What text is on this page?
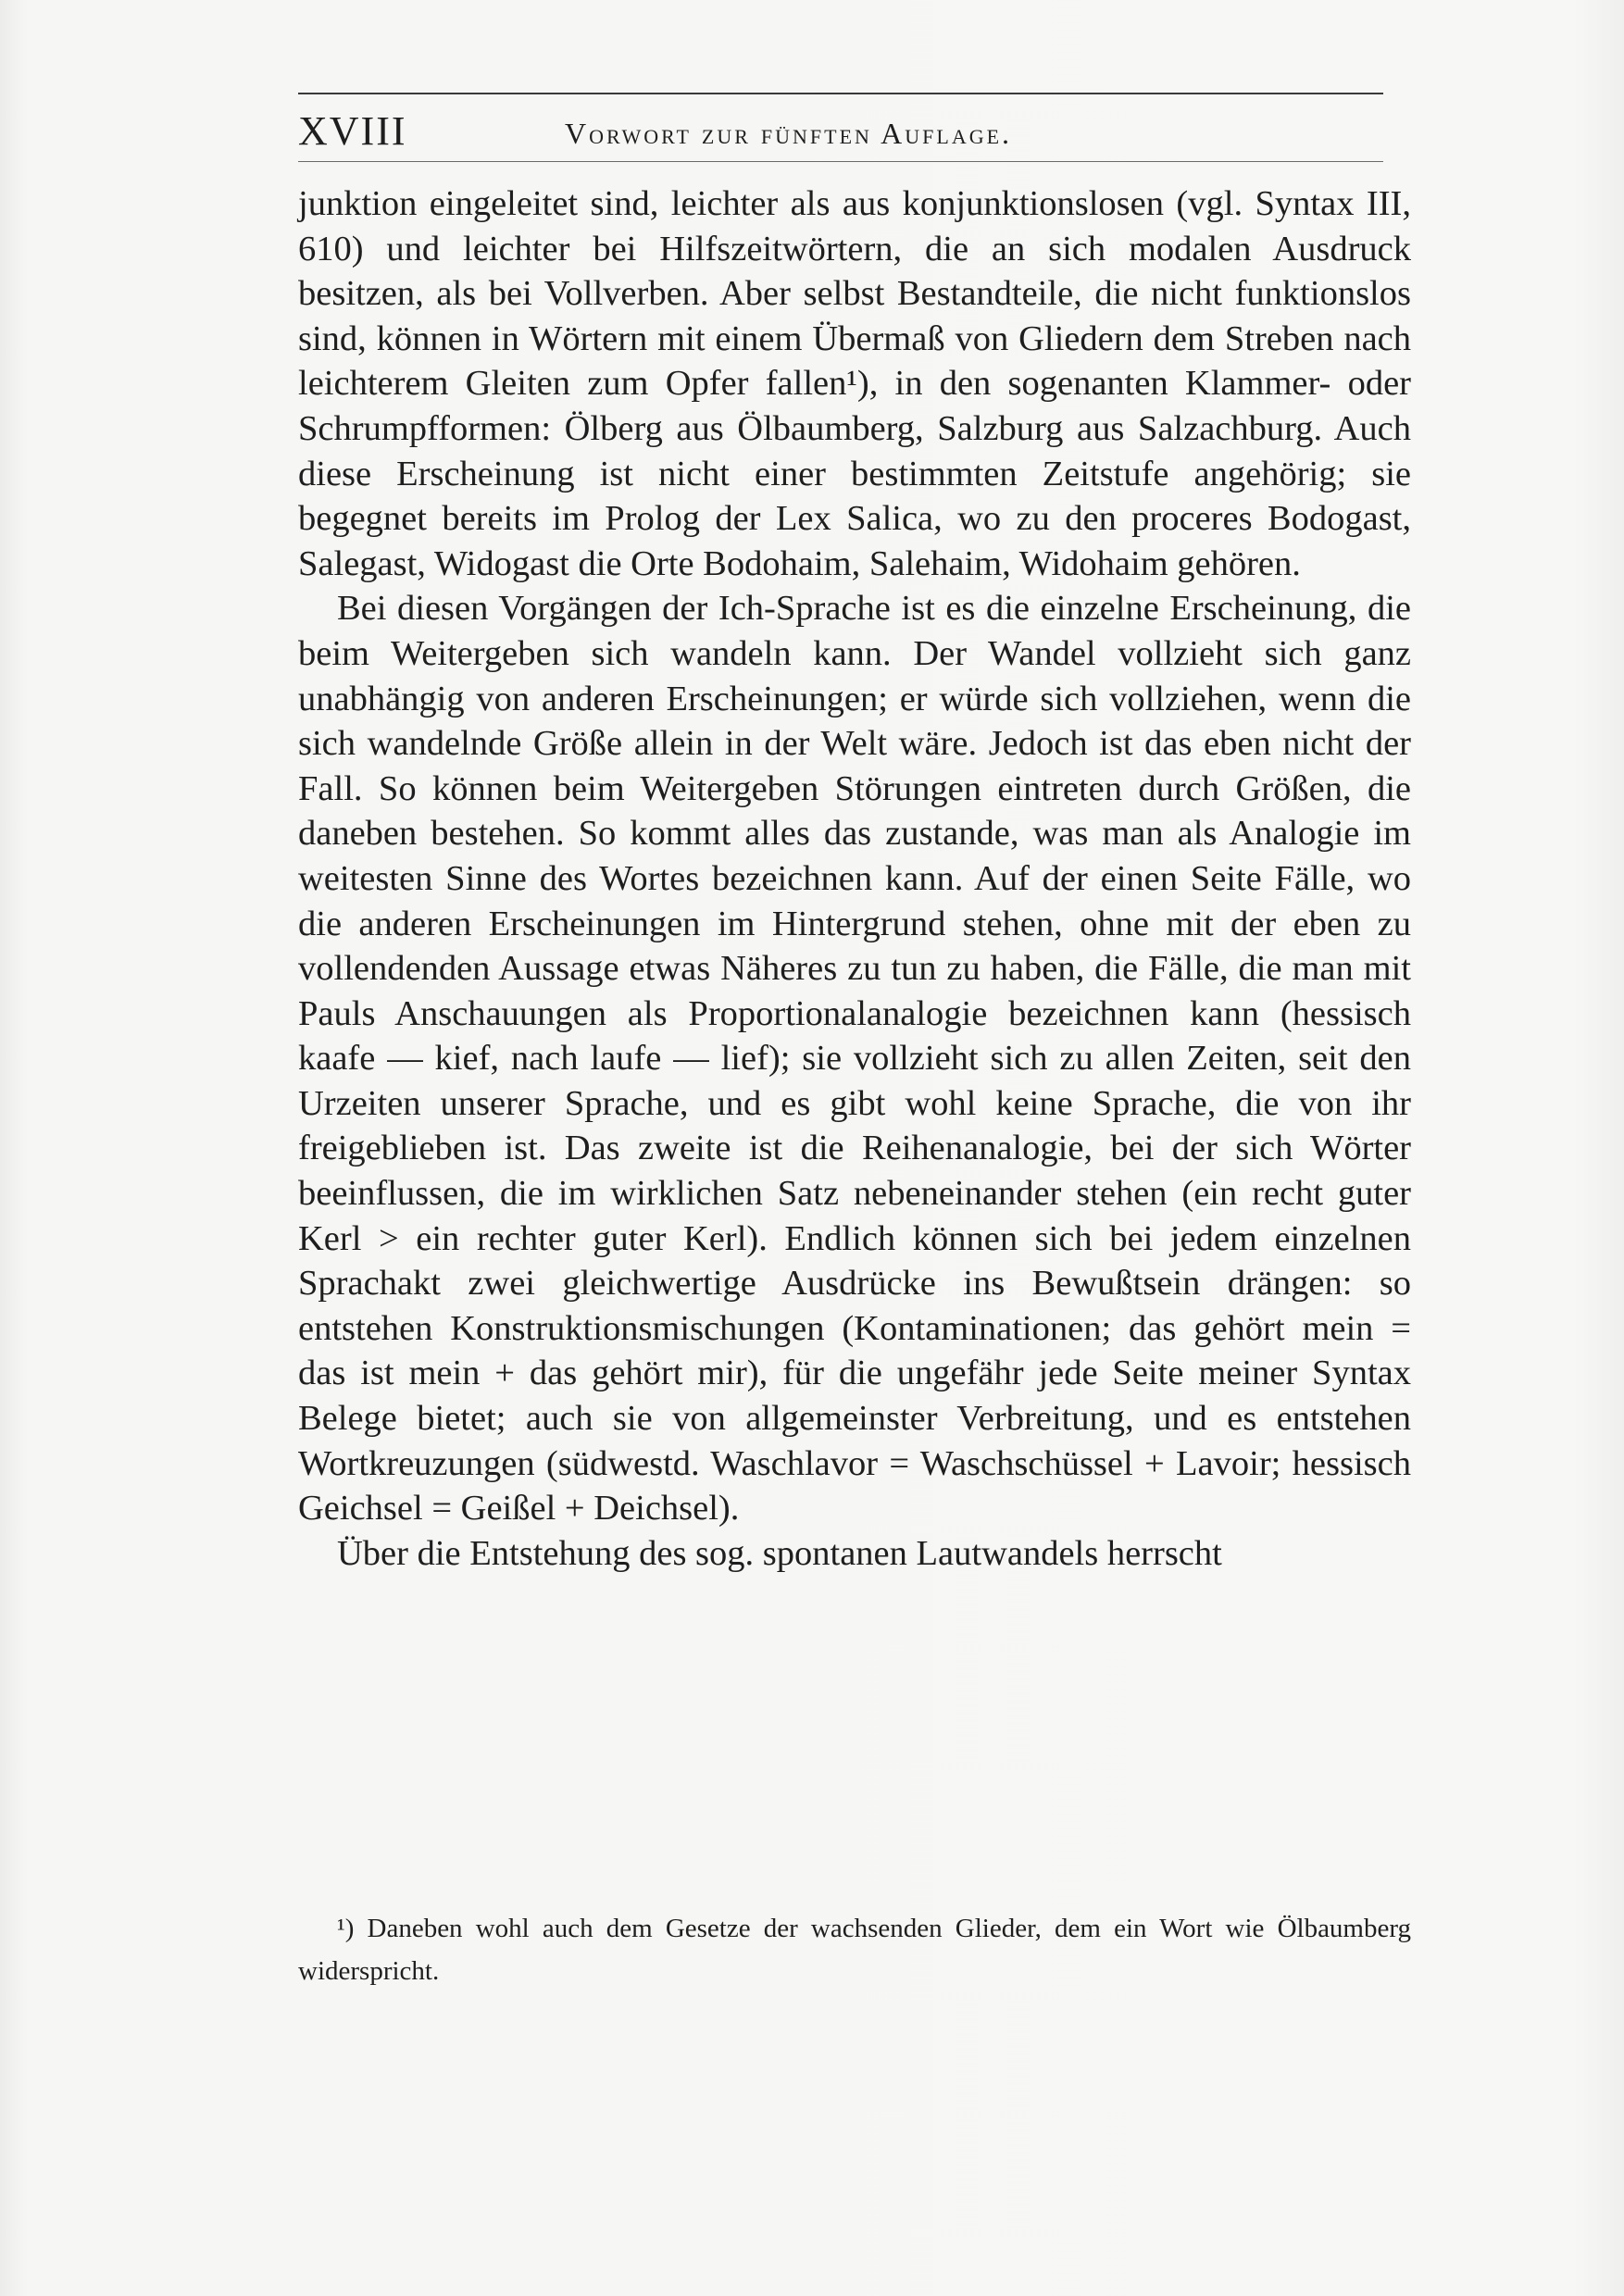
XVIII	Vorwort zur fünften Auflage.

junktion eingeleitet sind, leichter als aus konjunktionslosen (vgl. Syntax III, 610) und leichter bei Hilfszeitwörtern, die an sich modalen Ausdruck besitzen, als bei Vollverben. Aber selbst Bestandteile, die nicht funktionslos sind, können in Wörtern mit einem Übermaß von Gliedern dem Streben nach leichterem Gleiten zum Opfer fallen¹), in den sogenanten Klammer- oder Schrumpfformen: Ölberg aus Ölbaumberg, Salzburg aus Salzachburg. Auch diese Erscheinung ist nicht einer bestimmten Zeitstufe angehörig; sie begegnet bereits im Prolog der Lex Salica, wo zu den proceres Bodogast, Salegast, Widogast die Orte Bodohaim, Salehaim, Widohaim gehören.

Bei diesen Vorgängen der Ich-Sprache ist es die einzelne Erscheinung, die beim Weitergeben sich wandeln kann. Der Wandel vollzieht sich ganz unabhängig von anderen Erscheinungen; er würde sich vollziehen, wenn die sich wandelnde Größe allein in der Welt wäre. Jedoch ist das eben nicht der Fall. So können beim Weitergeben Störungen eintreten durch Größen, die daneben bestehen. So kommt alles das zustande, was man als Analogie im weitesten Sinne des Wortes bezeichnen kann. Auf der einen Seite Fälle, wo die anderen Erscheinungen im Hintergrund stehen, ohne mit der eben zu vollendenden Aussage etwas Näheres zu tun zu haben, die Fälle, die man mit Pauls Anschauungen als Proportionalanalogie bezeichnen kann (hessisch kaafe — kief, nach laufe — lief); sie vollzieht sich zu allen Zeiten, seit den Urzeiten unserer Sprache, und es gibt wohl keine Sprache, die von ihr freigeblieben ist. Das zweite ist die Reihenanalogie, bei der sich Wörter beeinflussen, die im wirklichen Satz nebeneinander stehen (ein recht guter Kerl > ein rechter guter Kerl). Endlich können sich bei jedem einzelnen Sprachakt zwei gleichwertige Ausdrücke ins Bewußtsein drängen: so entstehen Konstruktionsmischungen (Kontaminationen; das gehört mein = das ist mein + das gehört mir), für die ungefähr jede Seite meiner Syntax Belege bietet; auch sie von allgemeinster Verbreitung, und es entstehen Wortkreuzungen (südwestd. Waschlavor = Waschschüssel + Lavoir; hessisch Geichsel = Geißel + Deichsel).

Über die Entstehung des sog. spontanen Lautwandels herrscht

¹) Daneben wohl auch dem Gesetze der wachsenden Glieder, dem ein Wort wie Ölbaumberg widerspricht.
